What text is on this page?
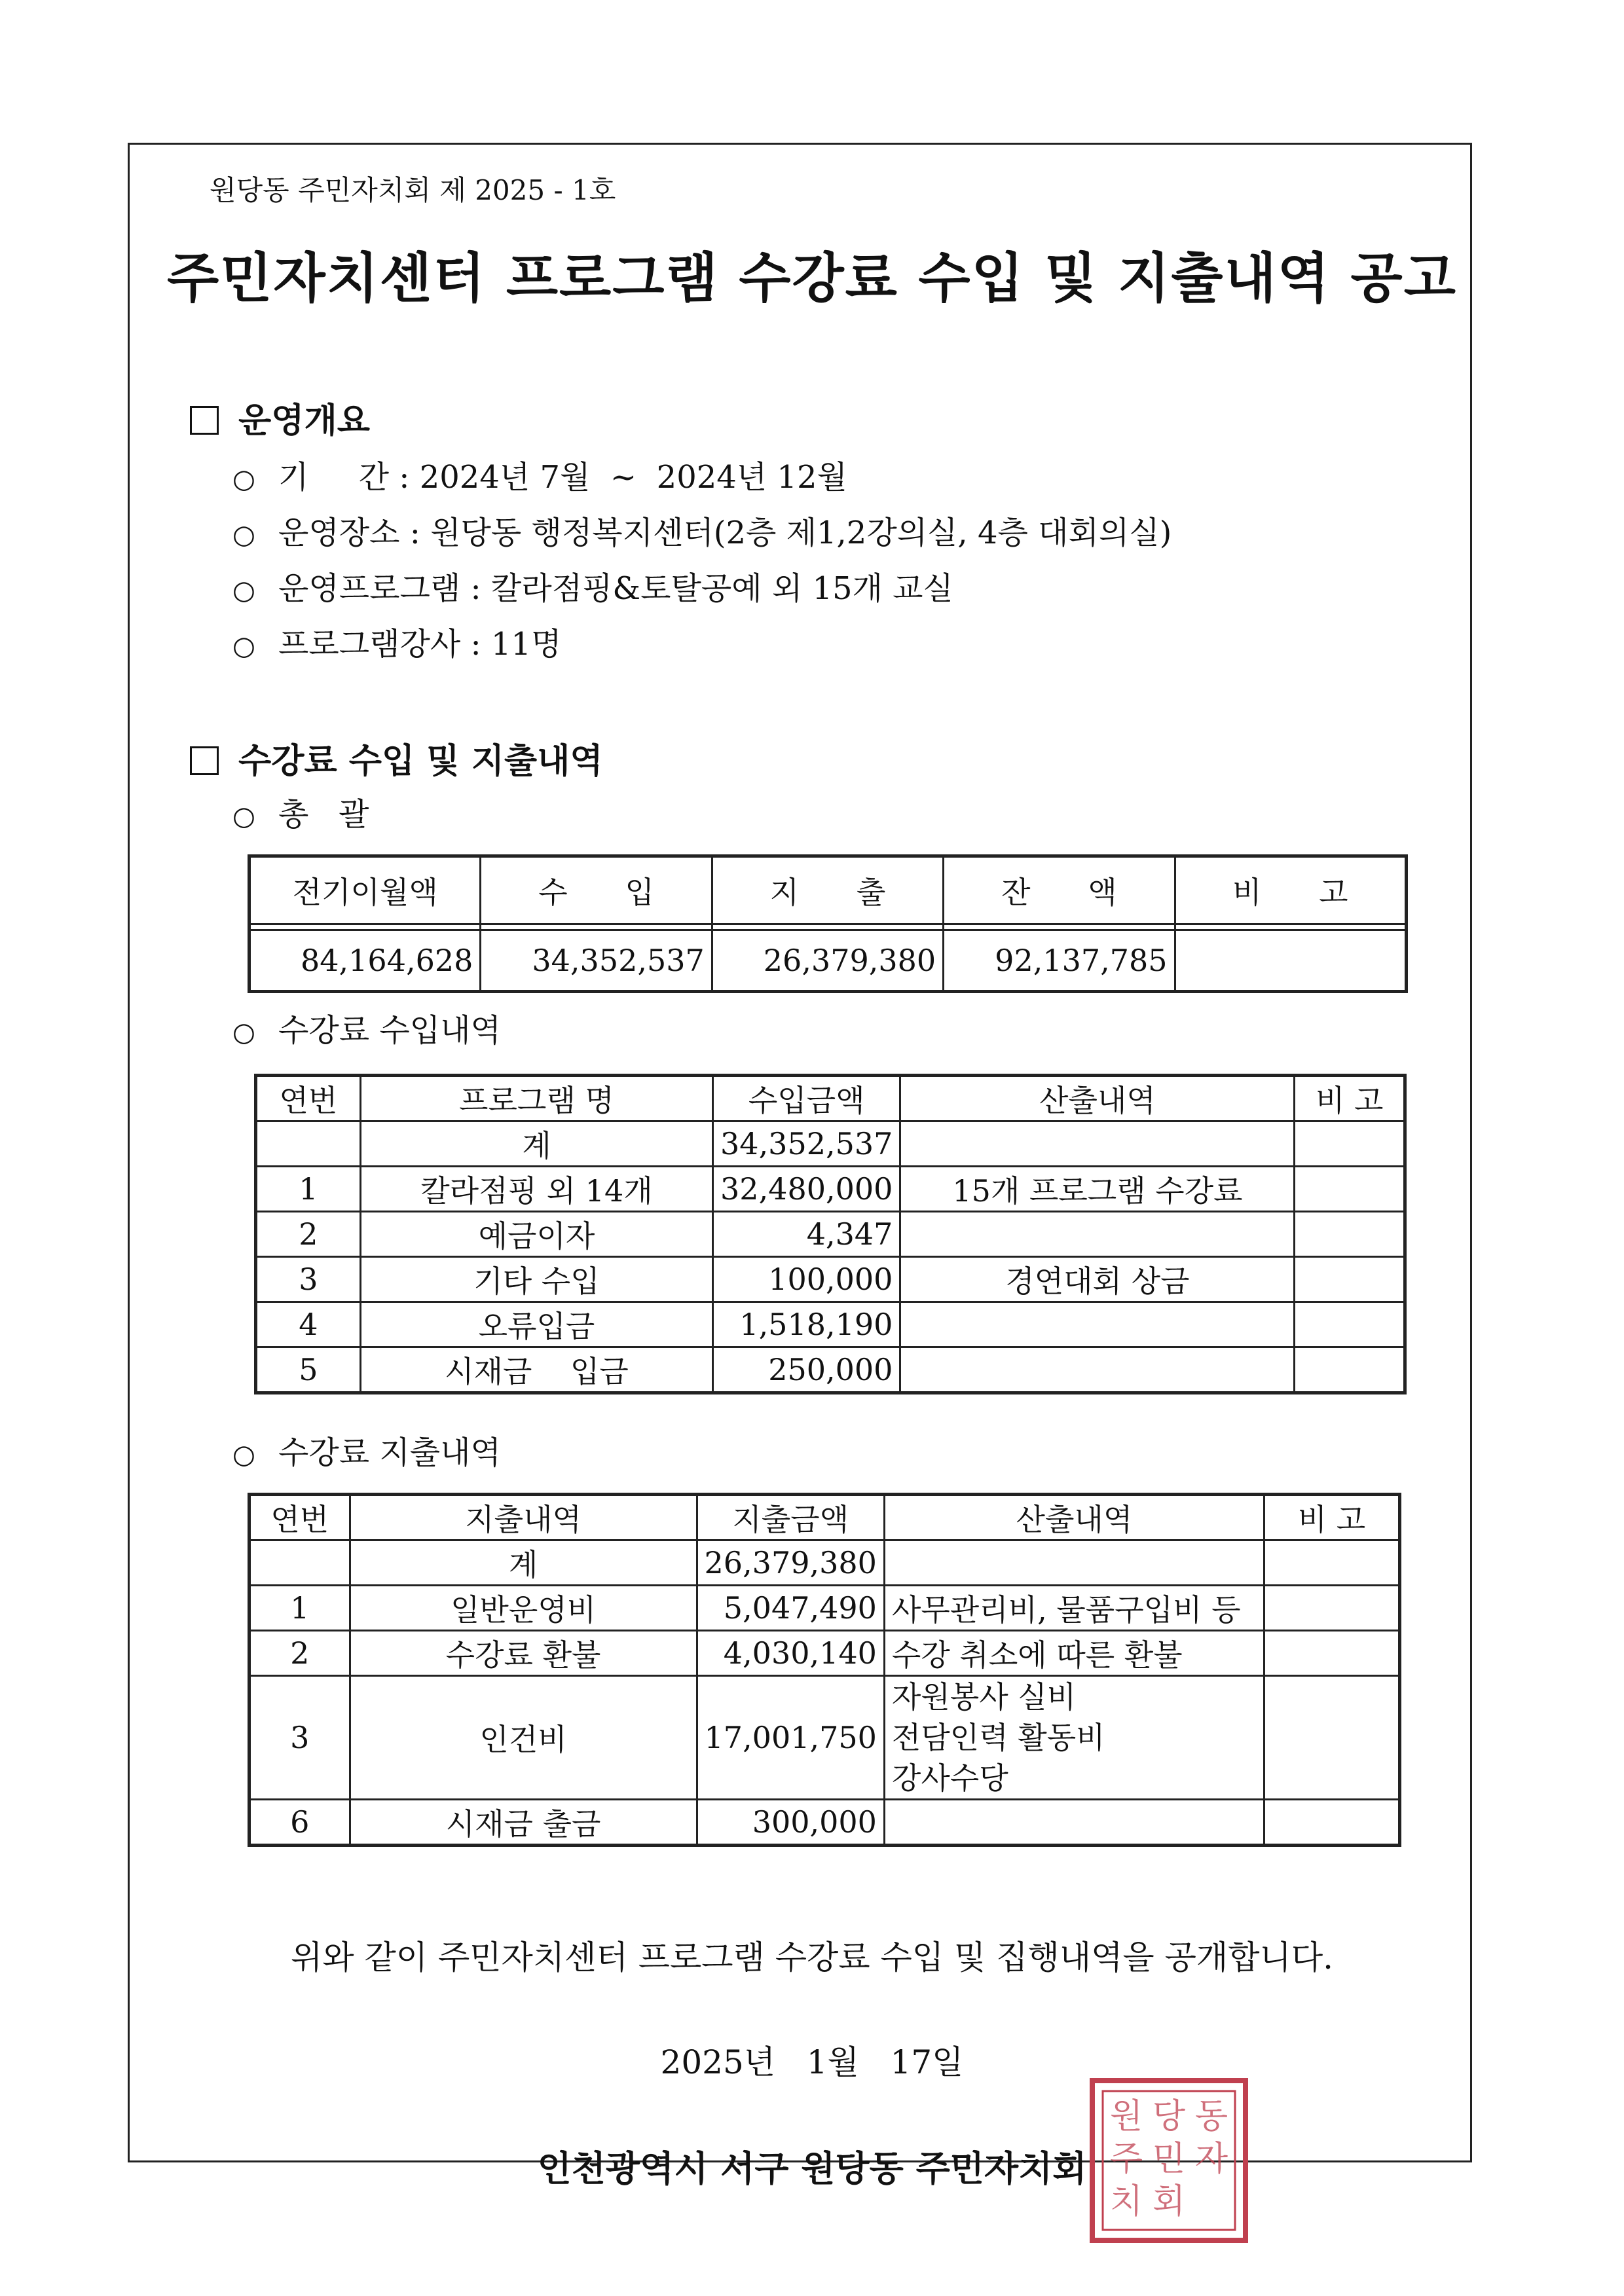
원당동 주민자치회 제 2025 - 1호
주민자치센터 프로그램 수강료 수입 및 지출내역 공고
운영개요
○ 기     간 : 2024년 7월  ~  2024년 12월
○ 운영장소 : 원당동 행정복지센터(2층 제1,2강의실, 4층 대회의실)
○ 운영프로그램 : 칼라점핑&토탈공예 외 15개 교실
○ 프로그램강사 : 11명
수강료 수입 및 지출내역
○ 총   괄
전기이월액	수      입	지      출	잔      액	비      고

84,164,628	34,352,537	26,379,380	92,137,785	
○ 수강료 수입내역
연번	프로그램 명	수입금액	산출내역	비 고
	계	34,352,537		
1	칼라점핑 외 14개	32,480,000	15개 프로그램 수강료	
2	예금이자	4,347		
3	기타 수입	100,000	경연대회 상금	
4	오류입금	1,518,190		
5	시재금    입금	250,000		
○ 수강료 지출내역
연번	지출내역	지출금액	산출내역	비 고
	계	26,379,380		
1	일반운영비	5,047,490	사무관리비, 물품구입비 등	
2	수강료 환불	4,030,140	수강 취소에 따른 환불	
3	인건비	17,001,750	자원봉사 실비
전담인력 활동비
강사수당	
6	시재금 출금	300,000		
위와 같이 주민자치센터 프로그램 수강료 수입 및 집행내역을 공개합니다.
2025년   1월   17일
인천광역시 서구 원당동 주민자치회
원 당 동
주 민 자
치 회
